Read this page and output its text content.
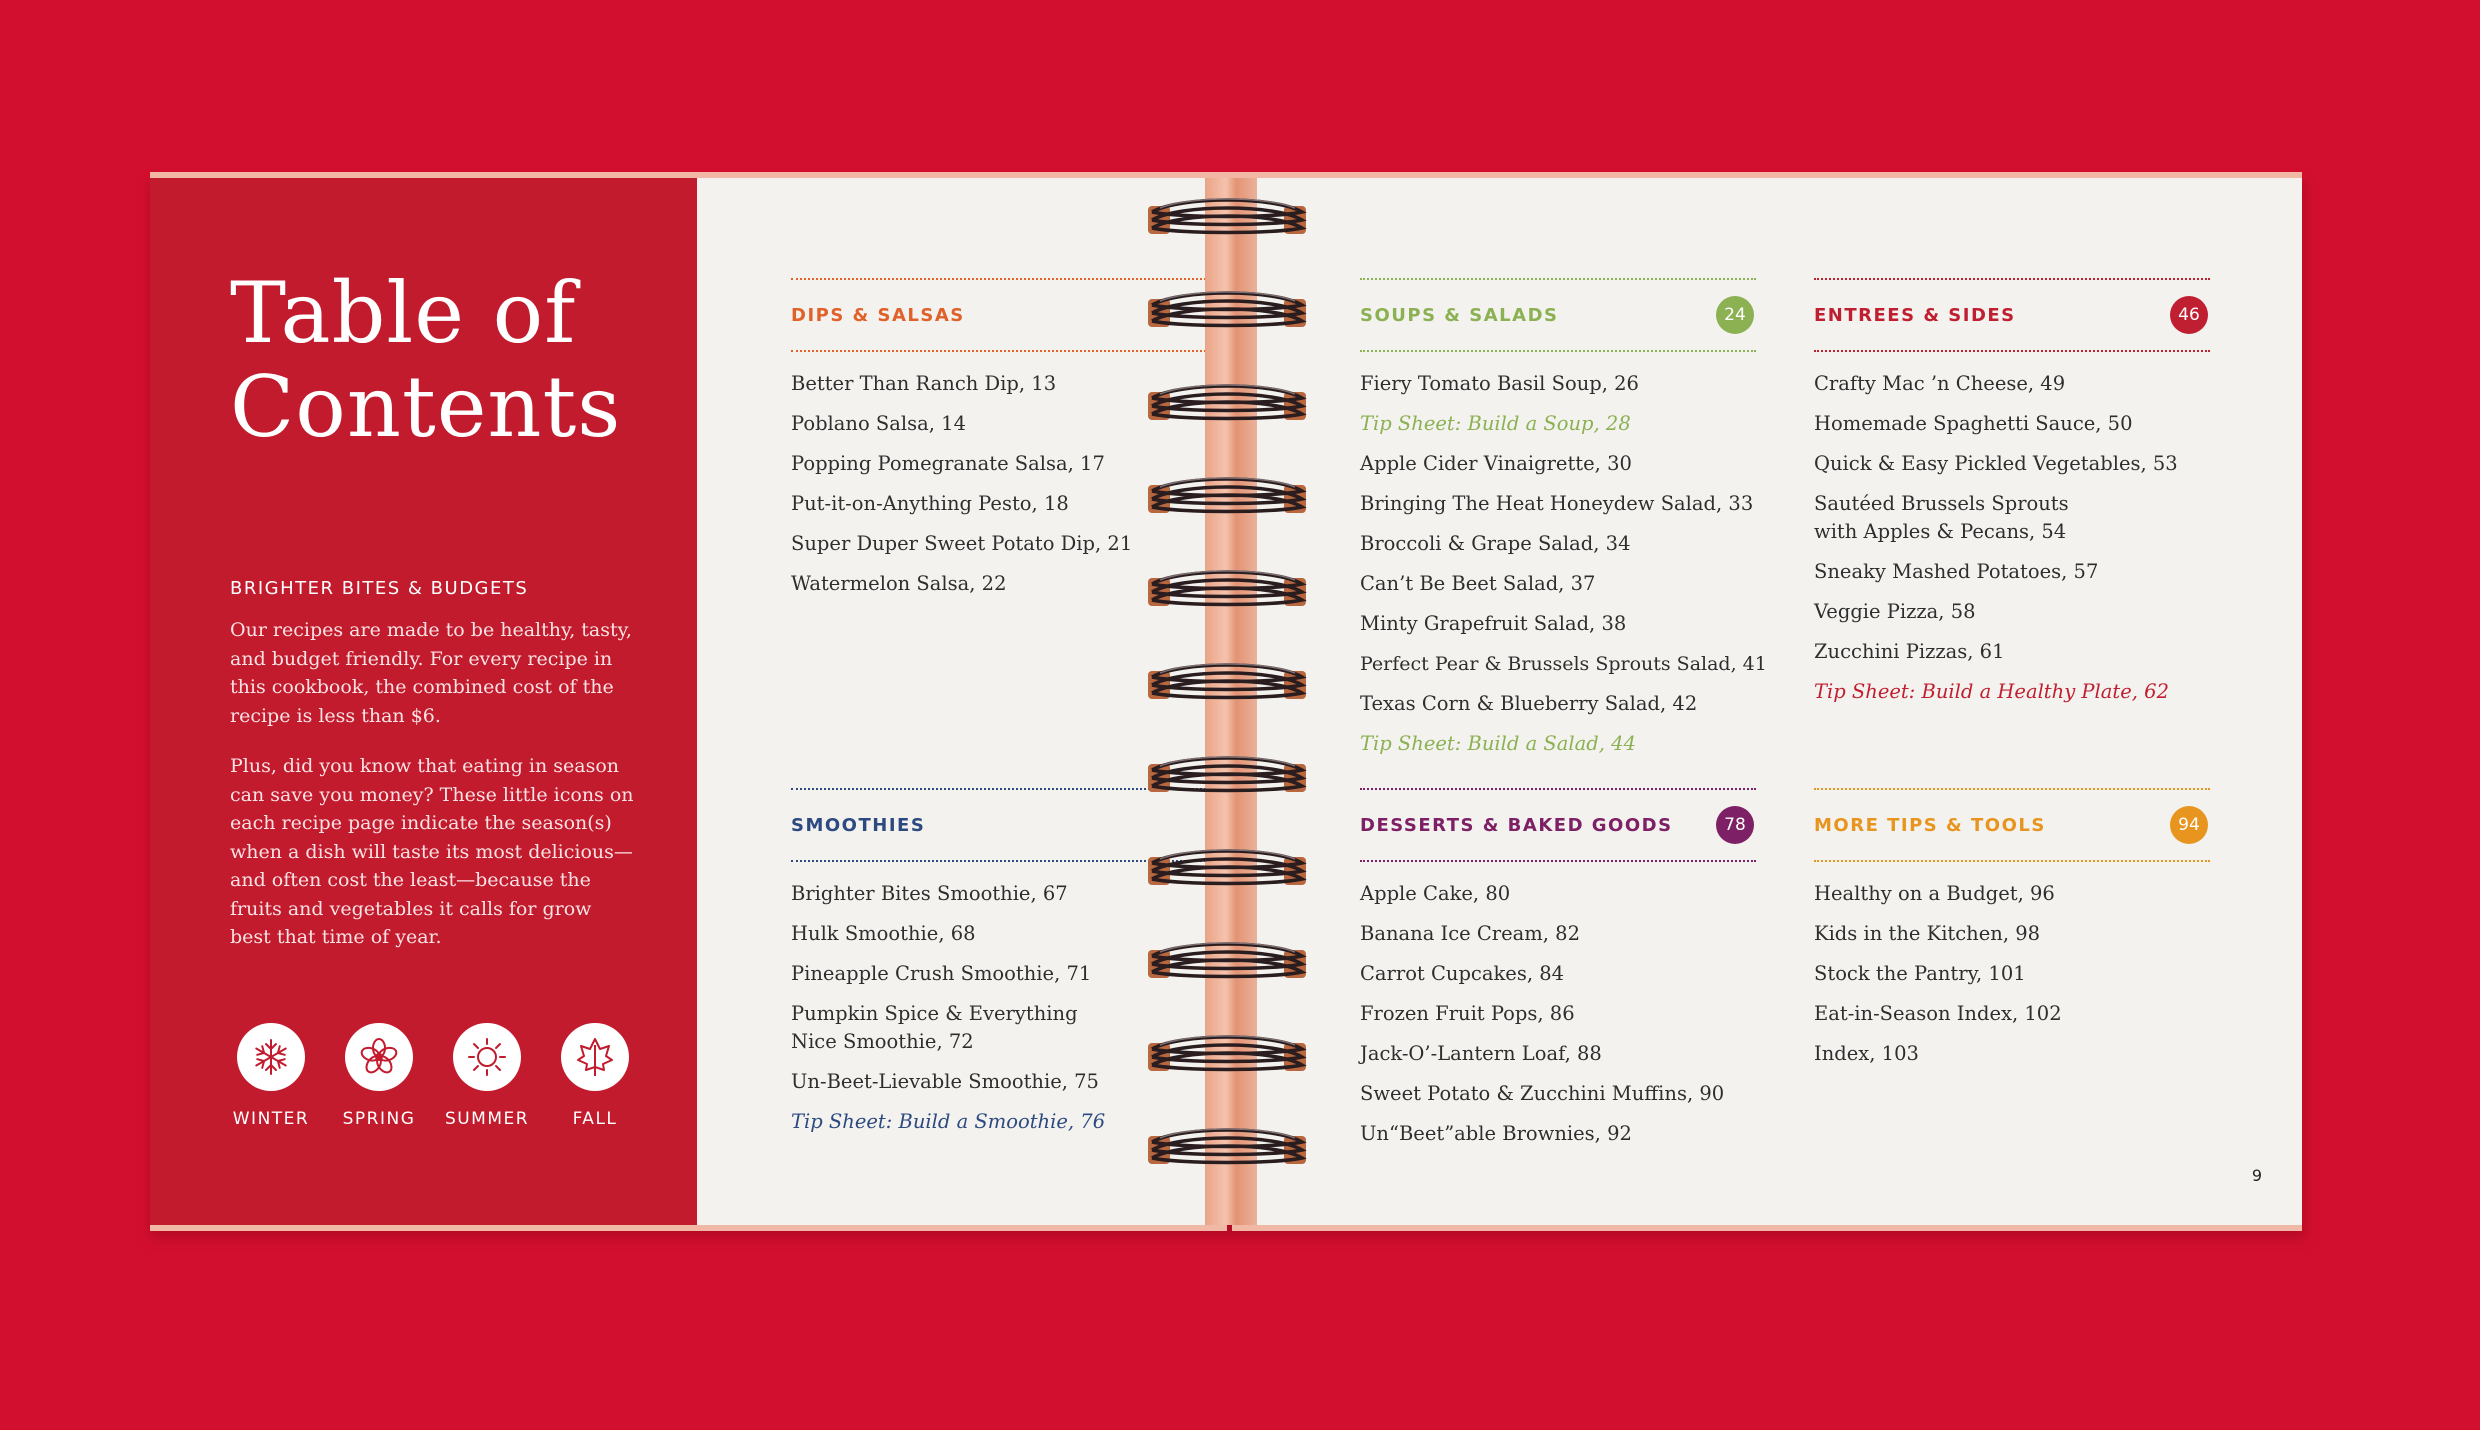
Table of
Contents
BRIGHTER BITES & BUDGETS

Our recipes are made to be healthy, tasty, and budget friendly. For every recipe in this cookbook, the combined cost of the recipe is less than $6.

Plus, did you know that eating in season can save you money? These little icons on each recipe page indicate the season(s) when a dish will taste its most delicious—and often cost the least—because the fruits and vegetables it calls for grow best that time of year.

WINTER	SPRING	SUMMER	FALL
DIPS & SALSAS
Better Than Ranch Dip, 13
Poblano Salsa, 14
Popping Pomegranate Salsa, 17
Put-it-on-Anything Pesto, 18
Super Duper Sweet Potato Dip, 21
Watermelon Salsa, 22
SMOOTHIES
Brighter Bites Smoothie, 67
Hulk Smoothie, 68
Pineapple Crush Smoothie, 71
Pumpkin Spice & Everything Nice Smoothie, 72
Un-Beet-Lievable Smoothie, 75
Tip Sheet: Build a Smoothie, 76
SOUPS & SALADS	24
Fiery Tomato Basil Soup, 26
Tip Sheet: Build a Soup, 28
Apple Cider Vinaigrette, 30
Bringing The Heat Honeydew Salad, 33
Broccoli & Grape Salad, 34
Can’t Be Beet Salad, 37
Minty Grapefruit Salad, 38
Perfect Pear & Brussels Sprouts Salad, 41
Texas Corn & Blueberry Salad, 42
Tip Sheet: Build a Salad, 44
DESSERTS & BAKED GOODS	78
Apple Cake, 80
Banana Ice Cream, 82
Carrot Cupcakes, 84
Frozen Fruit Pops, 86
Jack-O’-Lantern Loaf, 88
Sweet Potato & Zucchini Muffins, 90
Un“Beet”able Brownies, 92
ENTREES & SIDES	46
Crafty Mac ’n Cheese, 49
Homemade Spaghetti Sauce, 50
Quick & Easy Pickled Vegetables, 53
Sautéed Brussels Sprouts with Apples & Pecans, 54
Sneaky Mashed Potatoes, 57
Veggie Pizza, 58
Zucchini Pizzas, 61
Tip Sheet: Build a Healthy Plate, 62
MORE TIPS & TOOLS	94
Healthy on a Budget, 96
Kids in the Kitchen, 98
Stock the Pantry, 101
Eat-in-Season Index, 102
Index, 103
9
